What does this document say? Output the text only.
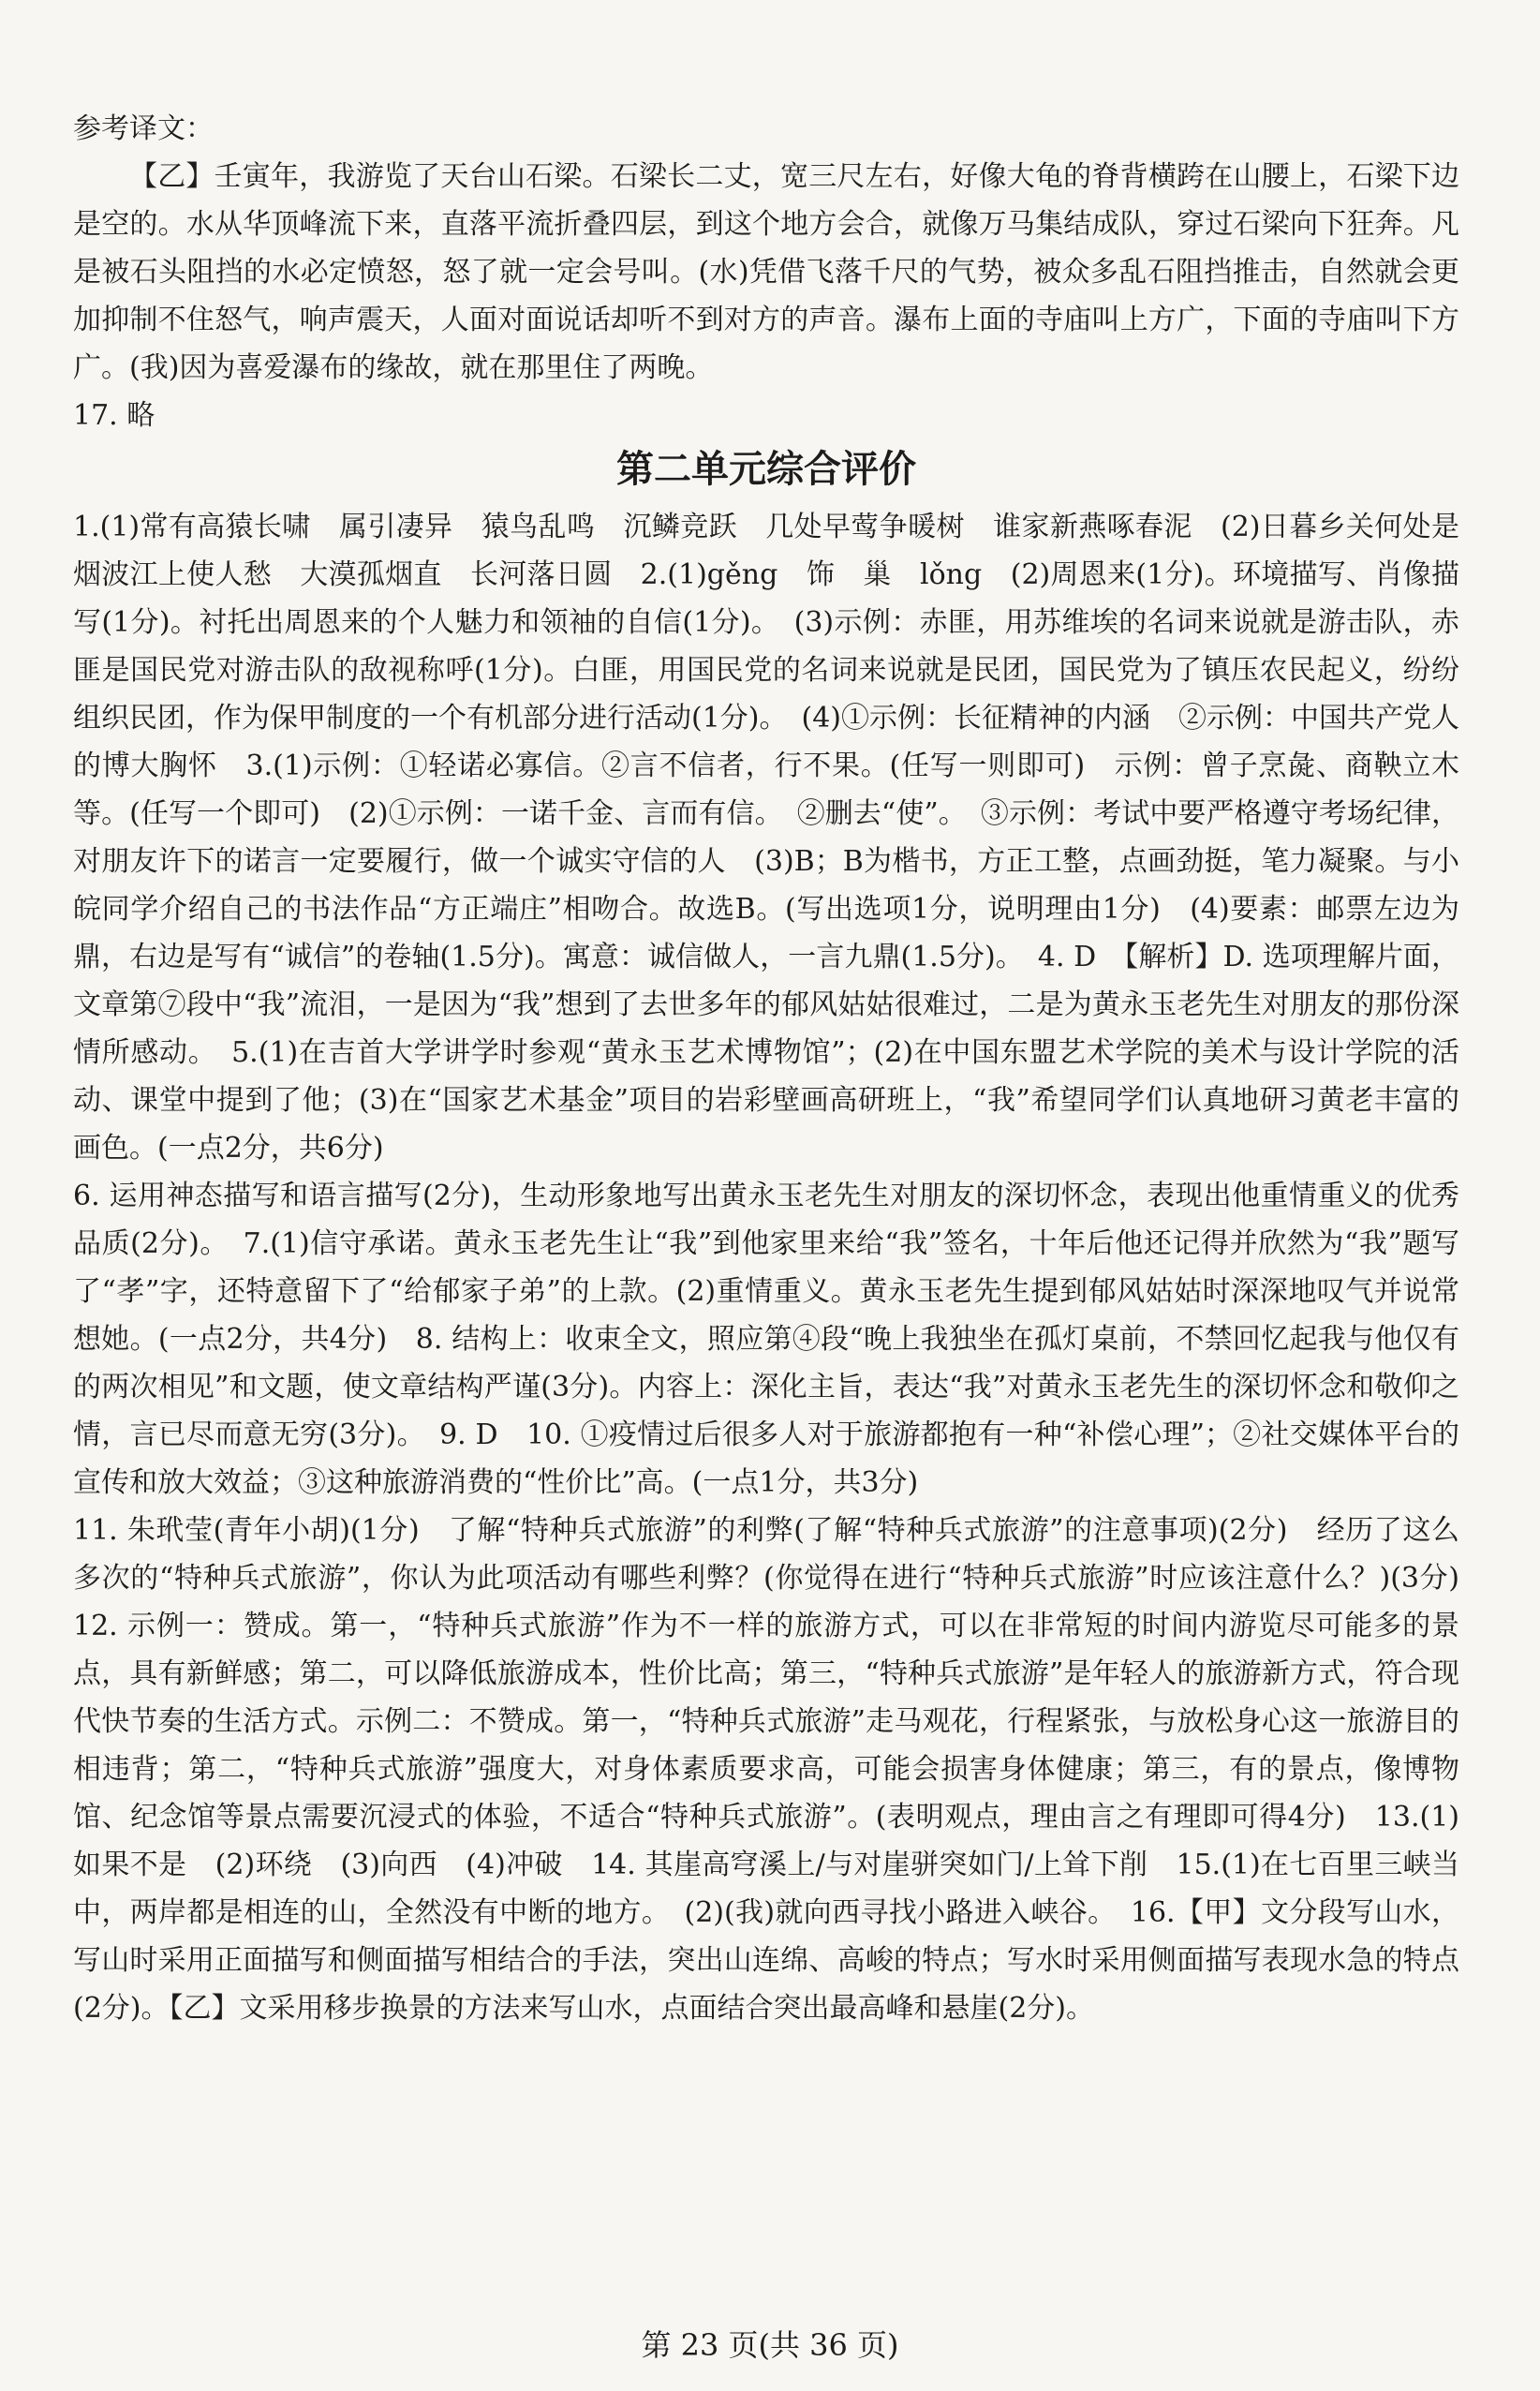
参考译文：

【乙】壬寅年，我游览了天台山石梁。石梁长二丈，宽三尺左右，好像大龟的脊背横跨在山腰上，石梁下边是空的。水从华顶峰流下来，直落平流折叠四层，到这个地方会合，就像万马集结成队，穿过石梁向下狂奔。凡是被石头阻挡的水必定愤怒，怒了就一定会号叫。(水)凭借飞落千尺的气势，被众多乱石阻挡推击，自然就会更加抑制不住怒气，响声震天，人面对面说话却听不到对方的声音。瀑布上面的寺庙叫上方广，下面的寺庙叫下方广。(我)因为喜爱瀑布的缘故，就在那里住了两晚。

17. 略

第二单元综合评价

1.(1)常有高猿长啸　属引凄异　猿鸟乱鸣　沉鳞竞跃　几处早莺争暖树　谁家新燕啄春泥　(2)日暮乡关何处是　烟波江上使人愁　大漠孤烟直　长河落日圆　2.(1)gěng　饰　巢　lǒng　(2)周恩来(1分)。环境描写、肖像描写(1分)。衬托出周恩来的个人魅力和领袖的自信(1分)。　(3)示例：赤匪，用苏维埃的名词来说就是游击队，赤匪是国民党对游击队的敌视称呼(1分)。白匪，用国民党的名词来说就是民团，国民党为了镇压农民起义，纷纷组织民团，作为保甲制度的一个有机部分进行活动(1分)。　(4)①示例：长征精神的内涵　②示例：中国共产党人的博大胸怀　3.(1)示例：①轻诺必寡信。②言不信者，行不果。(任写一则即可)　示例：曾子烹彘、商鞅立木等。(任写一个即可)　(2)①示例：一诺千金、言而有信。　②删去“使”。　③示例：考试中要严格遵守考场纪律，对朋友许下的诺言一定要履行，做一个诚实守信的人　(3)B；B为楷书，方正工整，点画劲挺，笔力凝聚。与小皖同学介绍自己的书法作品“方正端庄”相吻合。故选B。(写出选项1分，说明理由1分)　(4)要素：邮票左边为鼎，右边是写有“诚信”的卷轴(1.5分)。寓意：诚信做人，一言九鼎(1.5分)。　4. D　【解析】D. 选项理解片面，文章第⑦段中“我”流泪，一是因为“我”想到了去世多年的郁风姑姑很难过，二是为黄永玉老先生对朋友的那份深情所感动。　5.(1)在吉首大学讲学时参观“黄永玉艺术博物馆”；(2)在中国东盟艺术学院的美术与设计学院的活动、课堂中提到了他；(3)在“国家艺术基金”项目的岩彩壁画高研班上，“我”希望同学们认真地研习黄老丰富的画色。(一点2分，共6分)

6. 运用神态描写和语言描写(2分)，生动形象地写出黄永玉老先生对朋友的深切怀念，表现出他重情重义的优秀品质(2分)。　7.(1)信守承诺。黄永玉老先生让“我”到他家里来给“我”签名，十年后他还记得并欣然为“我”题写了“孝”字，还特意留下了“给郁家子弟”的上款。(2)重情重义。黄永玉老先生提到郁风姑姑时深深地叹气并说常想她。(一点2分，共4分)　8. 结构上：收束全文，照应第④段“晚上我独坐在孤灯桌前，不禁回忆起我与他仅有的两次相见”和文题，使文章结构严谨(3分)。内容上：深化主旨，表达“我”对黄永玉老先生的深切怀念和敬仰之情，言已尽而意无穷(3分)。　9. D　10. ①疫情过后很多人对于旅游都抱有一种“补偿心理”；②社交媒体平台的宣传和放大效益；③这种旅游消费的“性价比”高。(一点1分，共3分)

11. 朱玳莹(青年小胡)(1分)　了解“特种兵式旅游”的利弊(了解“特种兵式旅游”的注意事项)(2分)　经历了这么多次的“特种兵式旅游”，你认为此项活动有哪些利弊？(你觉得在进行“特种兵式旅游”时应该注意什么？)(3分)　12. 示例一：赞成。第一，“特种兵式旅游”作为不一样的旅游方式，可以在非常短的时间内游览尽可能多的景点，具有新鲜感；第二，可以降低旅游成本，性价比高；第三，“特种兵式旅游”是年轻人的旅游新方式，符合现代快节奏的生活方式。示例二：不赞成。第一，“特种兵式旅游”走马观花，行程紧张，与放松身心这一旅游目的相违背；第二，“特种兵式旅游”强度大，对身体素质要求高，可能会损害身体健康；第三，有的景点，像博物馆、纪念馆等景点需要沉浸式的体验，不适合“特种兵式旅游”。(表明观点，理由言之有理即可得4分)　13.(1)如果不是　(2)环绕　(3)向西　(4)冲破　14. 其崖高穹溪上/与对崖骈突如门/上耸下削　15.(1)在七百里三峡当中，两岸都是相连的山，全然没有中断的地方。　(2)(我)就向西寻找小路进入峡谷。　16.【甲】文分段写山水，写山时采用正面描写和侧面描写相结合的手法，突出山连绵、高峻的特点；写水时采用侧面描写表现水急的特点(2分)。【乙】文采用移步换景的方法来写山水，点面结合突出最高峰和悬崖(2分)。

第 23 页(共 36 页)
